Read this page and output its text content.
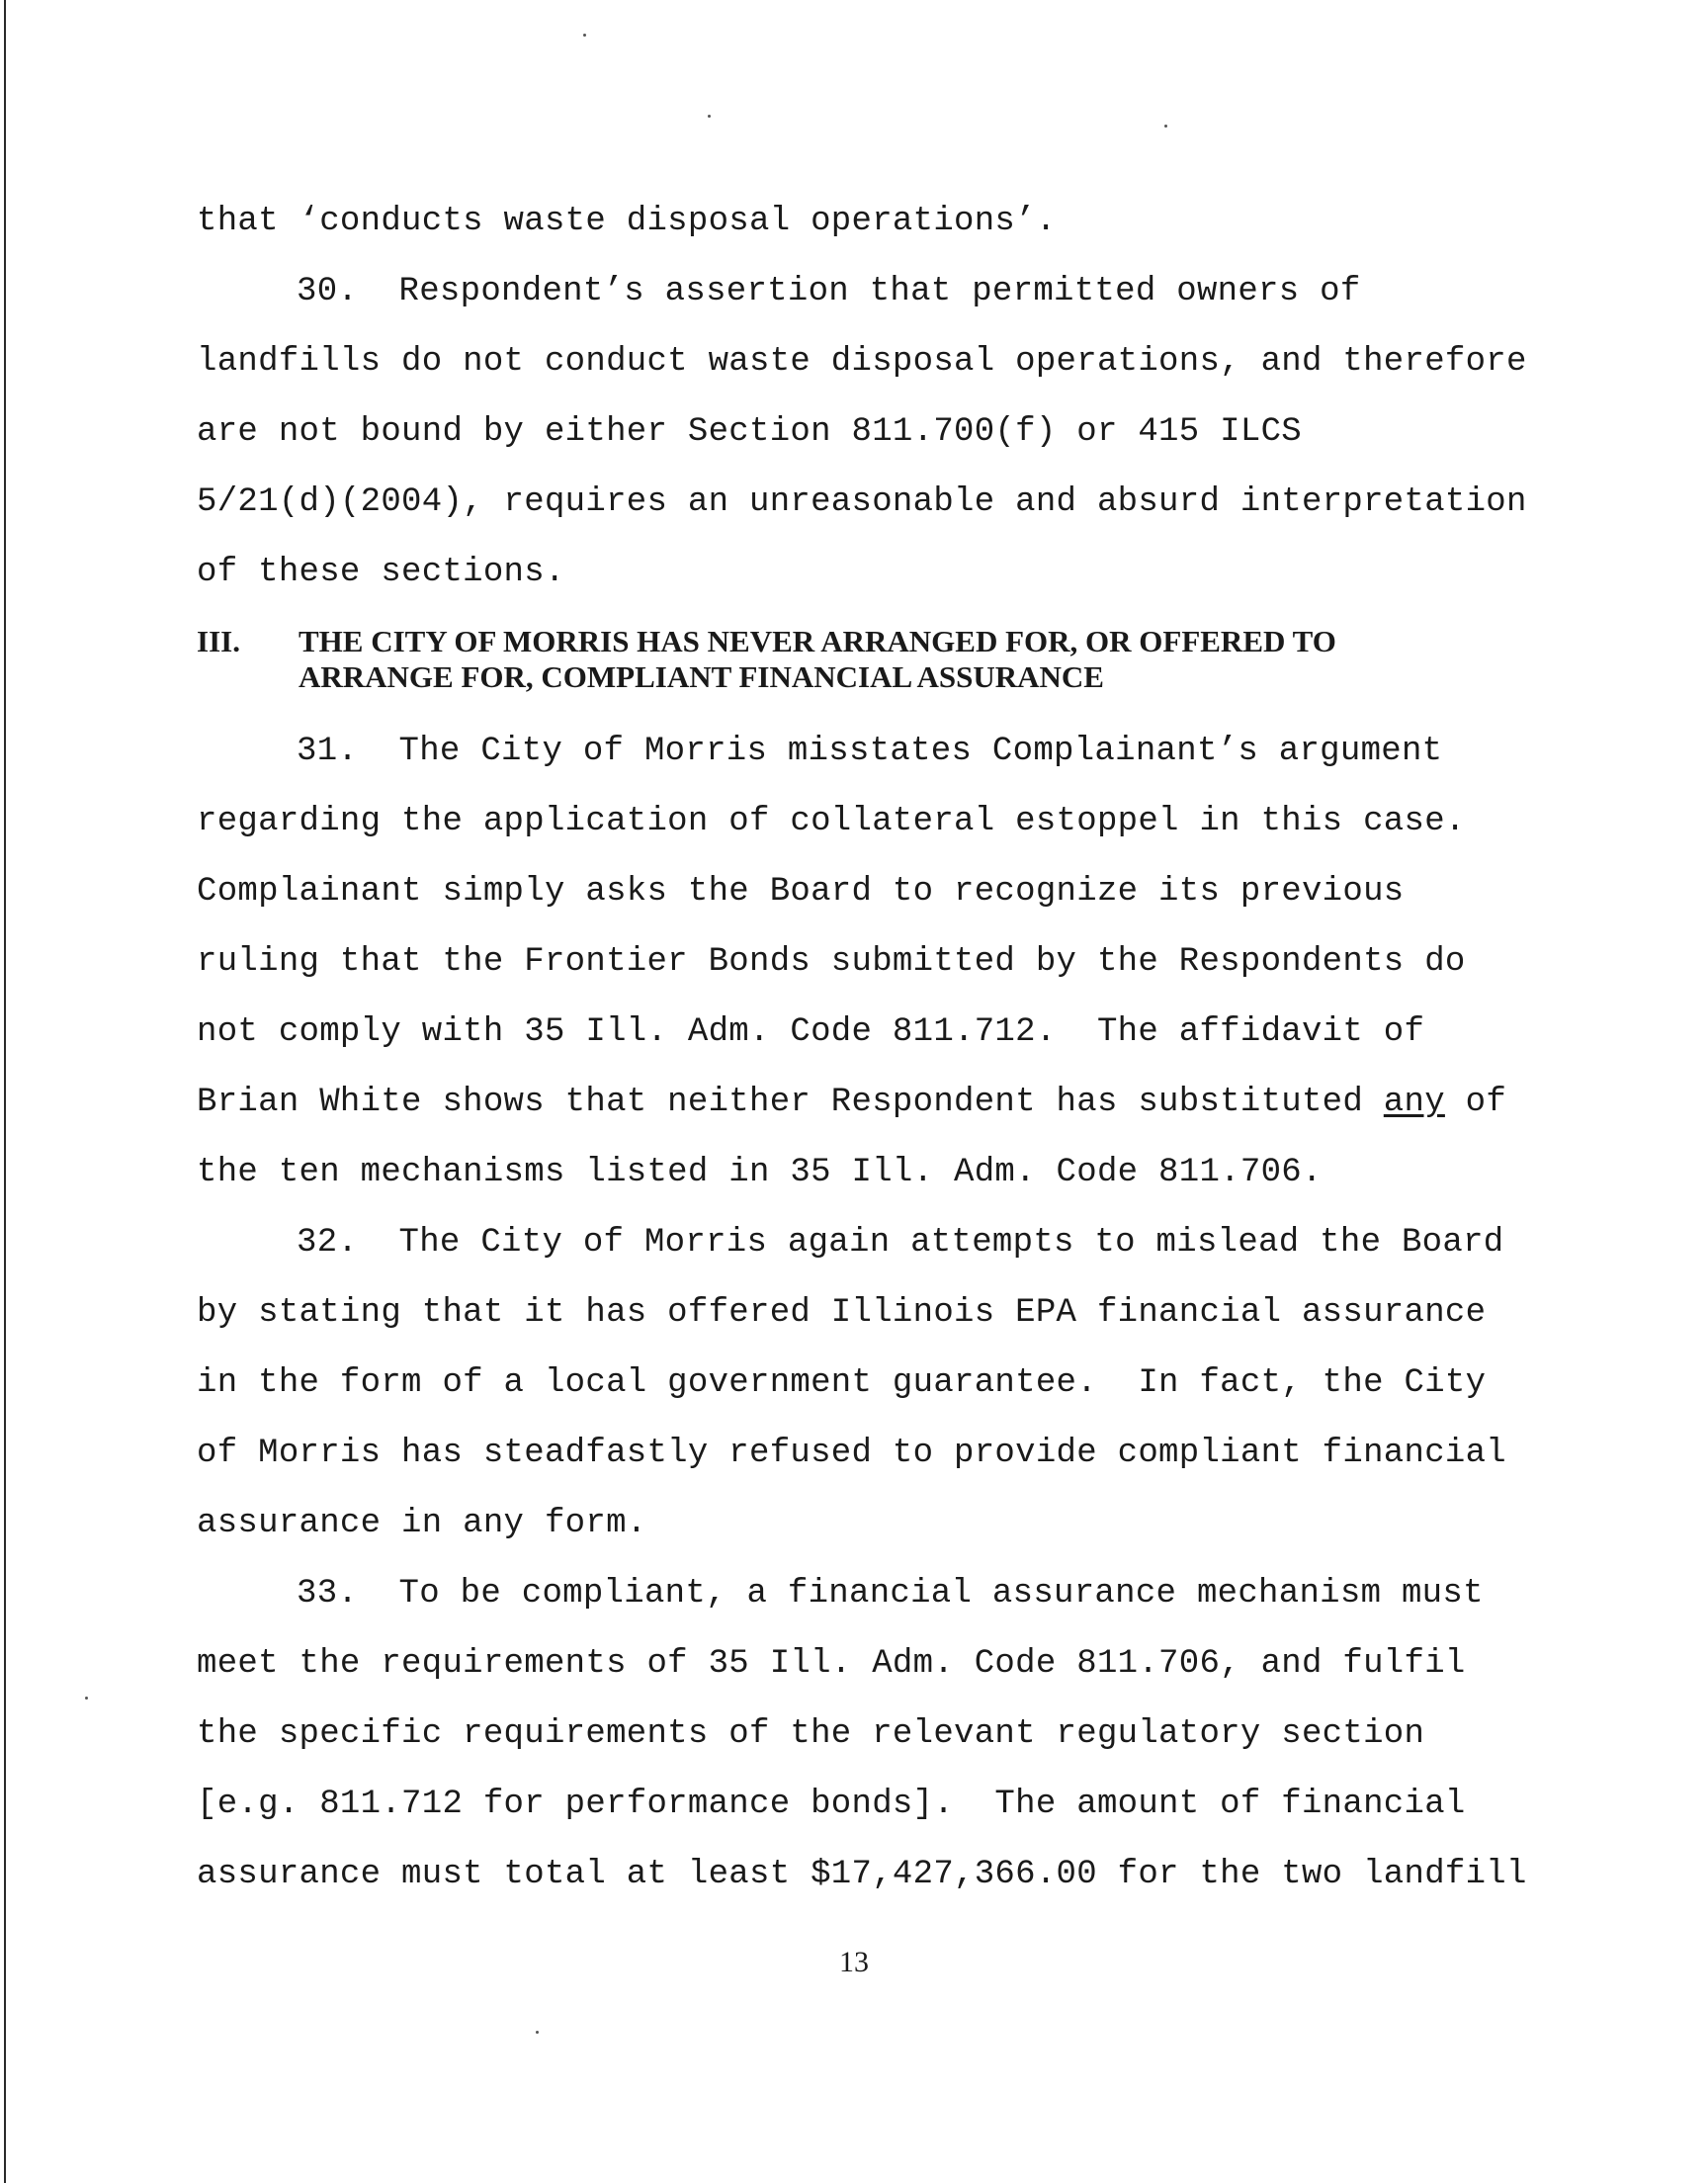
that ‘conducts waste disposal operations’.
30.  Respondent’s assertion that permitted owners of
landfills do not conduct waste disposal operations, and therefore
are not bound by either Section 811.700(f) or 415 ILCS
5/21(d)(2004), requires an unreasonable and absurd interpretation
of these sections.
III. THE CITY OF MORRIS HAS NEVER ARRANGED FOR, OR OFFERED TO
ARRANGE FOR, COMPLIANT FINANCIAL ASSURANCE
31.  The City of Morris misstates Complainant’s argument
regarding the application of collateral estoppel in this case.
Complainant simply asks the Board to recognize its previous
ruling that the Frontier Bonds submitted by the Respondents do
not comply with 35 Ill. Adm. Code 811.712.  The affidavit of
Brian White shows that neither Respondent has substituted any of
the ten mechanisms listed in 35 Ill. Adm. Code 811.706.
32.  The City of Morris again attempts to mislead the Board
by stating that it has offered Illinois EPA financial assurance
in the form of a local government guarantee.  In fact, the City
of Morris has steadfastly refused to provide compliant financial
assurance in any form.
33.  To be compliant, a financial assurance mechanism must
meet the requirements of 35 Ill. Adm. Code 811.706, and fulfil
the specific requirements of the relevant regulatory section
[e.g. 811.712 for performance bonds].  The amount of financial
assurance must total at least $17,427,366.00 for the two landfill
13
